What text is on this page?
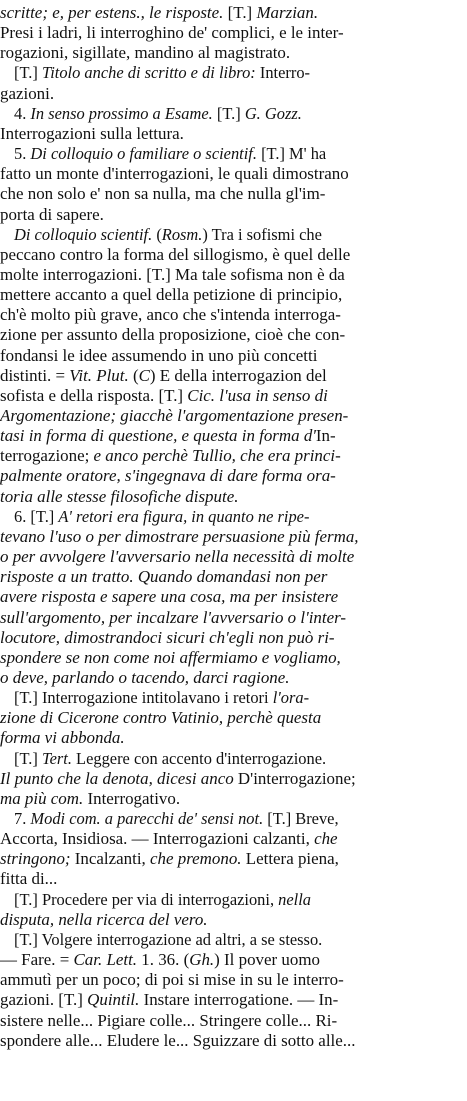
scritte; e, per estens., le risposte. [T.] Marzian.

Presi i ladri, li interroghino de' complici, e le inter-

rogazioni, sigillate, mandino al magistrato.

[T.] Titolo anche di scritto e di libro: Interro-

gazioni.

4. In senso prossimo a Esame. [T.] G. Gozz.

Interrogazioni sulla lettura.

5. Di colloquio o familiare o scientif. [T.] M' ha

fatto un monte d'interrogazioni, le quali dimostrano

che non solo e' non sa nulla, ma che nulla gl'im-

porta di sapere.

Di colloquio scientif. (Rosm.) Tra i sofismi che

peccano contro la forma del sillogismo, è quel delle

molte interrogazioni. [T.] Ma tale sofisma non è da

mettere accanto a quel della petizione di principio,

ch'è molto più grave, anco che s'intenda interroga-

zione per assunto della proposizione, cioè che con-

fondansi le idee assumendo in uno più concetti

distinti. = Vit. Plut. (C) E della interrogazion del

sofista e della risposta. [T.] Cic. l'usa in senso di

Argomentazione; giacchè l'argomentazione presen-

tasi in forma di questione, e questa in forma d'In-

terrogazione; e anco perchè Tullio, che era princi-

palmente oratore, s'ingegnava di dare forma ora-

toria alle stesse filosofiche dispute.

6. [T.] A' retori era figura, in quanto ne ripe-

tevano l'uso o per dimostrare persuasione più ferma,

o per avvolgere l'avversario nella necessità di molte

risposte a un tratto. Quando domandasi non per

avere risposta e sapere una cosa, ma per insistere

sull'argomento, per incalzare l'avversario o l'inter-

locutore, dimostrandoci sicuri ch'egli non può ri-

spondere se non come noi affermiamo e vogliamo,

o deve, parlando o tacendo, darci ragione.

[T.] Interrogazione intitolavano i retori l'ora-

zione di Cicerone contro Vatinio, perchè questa

forma vi abbonda.

[T.] Tert. Leggere con accento d'interrogazione.

Il punto che la denota, dicesi anco D'interrogazione;

ma più com. Interrogativo.

7. Modi com. a parecchi de' sensi not. [T.] Breve,

Accorta, Insidiosa. — Interrogazioni calzanti, che

stringono; Incalzanti, che premono. Lettera piena,

fitta di...

[T.] Procedere per via di interrogazioni, nella

disputa, nella ricerca del vero.

[T.] Volgere interrogazione ad altri, a se stesso.

— Fare. = Car. Lett. 1. 36. (Gh.) Il pover uomo

ammutì per un poco; di poi si mise in su le interro-

gazioni. [T.] Quintil. Instare interrogatione. — In-

sistere nelle... Pigiare colle... Stringere colle... Ri-

spondere alle... Eludere le... Sguizzare di sotto alle...
